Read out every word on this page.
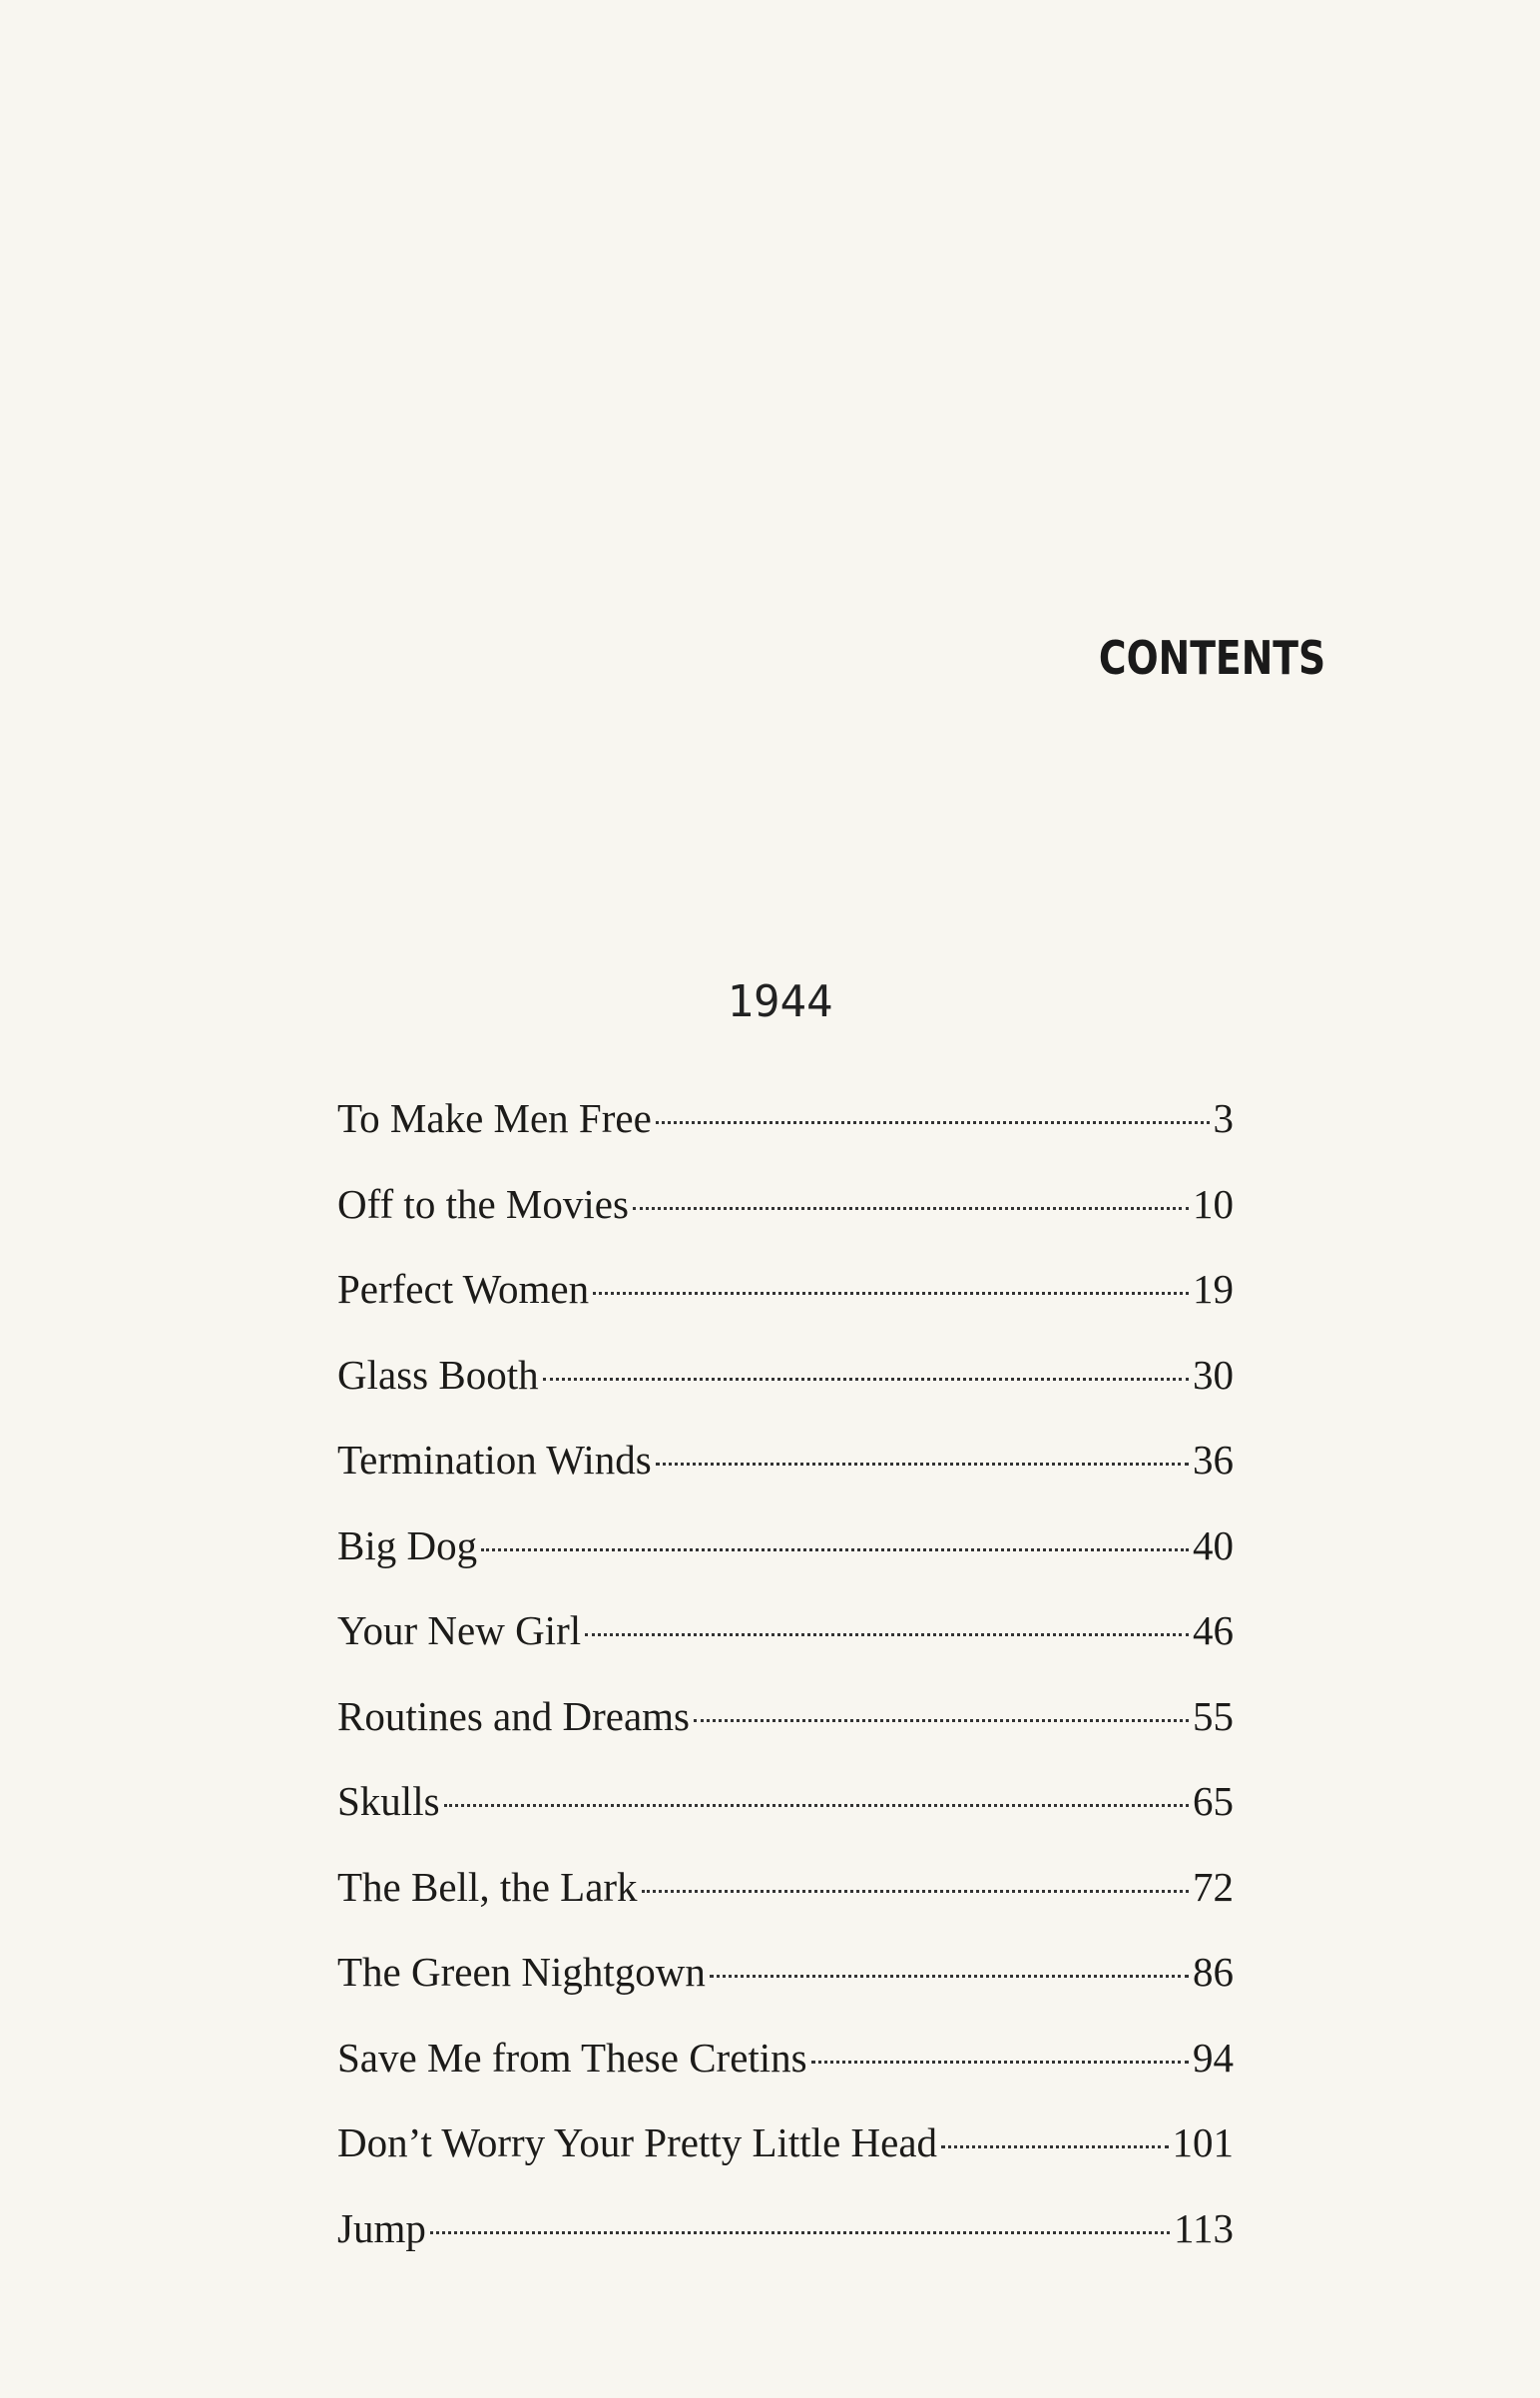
CONTENTS
1944
To Make Men Free	3
Off to the Movies	10
Perfect Women	19
Glass Booth	30
Termination Winds	36
Big Dog	40
Your New Girl	46
Routines and Dreams	55
Skulls	65
The Bell, the Lark	72
The Green Nightgown	86
Save Me from These Cretins	94
Don’t Worry Your Pretty Little Head	101
Jump	113
